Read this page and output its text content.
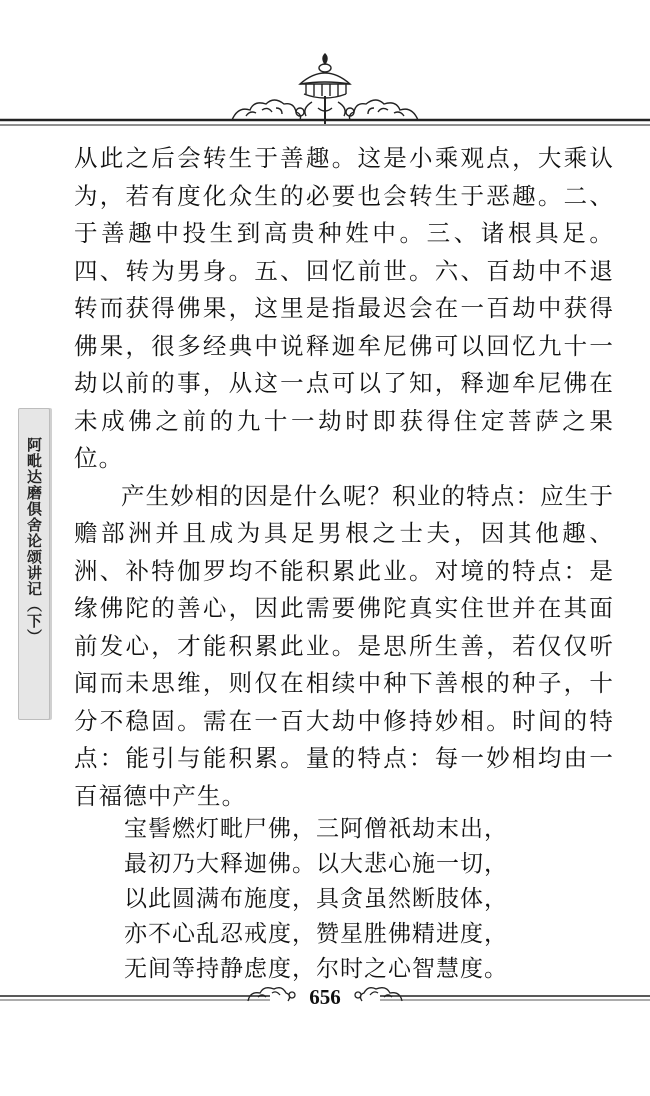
阿毗达磨俱舍论颂讲记（下）

从此之后会转生于善趣。这是小乘观点，大乘认为，若有度化众生的必要也会转生于恶趣。二、于善趣中投生到高贵种姓中。三、诸根具足。四、转为男身。五、回忆前世。六、百劫中不退转而获得佛果，这里是指最迟会在一百劫中获得佛果，很多经典中说释迦牟尼佛可以回忆九十一劫以前的事，从这一点可以了知，释迦牟尼佛在未成佛之前的九十一劫时即获得住定菩萨之果位。

产生妙相的因是什么呢？积业的特点：应生于赡部洲并且成为具足男根之士夫，因其他趣、洲、补特伽罗均不能积累此业。对境的特点：是缘佛陀的善心，因此需要佛陀真实住世并在其面前发心，才能积累此业。是思所生善，若仅仅听闻而未思维，则仅在相续中种下善根的种子，十分不稳固。需在一百大劫中修持妙相。时间的特点：能引与能积累。量的特点：每一妙相均由一百福德中产生。

宝髻燃灯毗尸佛，三阿僧祇劫末出，
最初乃大释迦佛。以大悲心施一切，
以此圆满布施度，具贪虽然断肢体，
亦不心乱忍戒度，赞星胜佛精进度，
无间等持静虑度，尔时之心智慧度。
656
